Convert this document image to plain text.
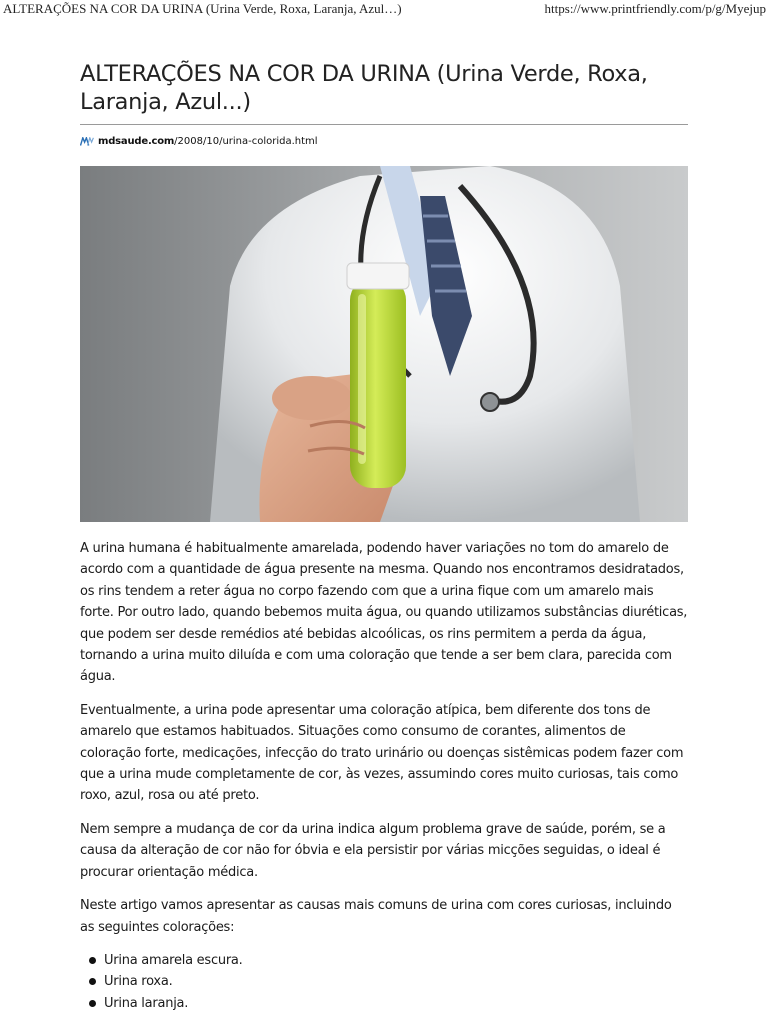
ALTERAÇÕES NA COR DA URINA (Urina Verde, Roxa, Laranja, Azul…)	https://www.printfriendly.com/p/g/Myejup
ALTERAÇÕES NA COR DA URINA (Urina Verde, Roxa, Laranja, Azul...)
mdsaude.com /2008/10/urina-colorida.html

A urina humana é habitualmente amarelada, podendo haver variações no tom do amarelo de acordo com a quantidade de água presente na mesma. Quando nos encontramos desidratados, os rins tendem a reter água no corpo fazendo com que a urina fique com um amarelo mais forte. Por outro lado, quando bebemos muita água, ou quando utilizamos substâncias diuréticas, que podem ser desde remédios até bebidas alcoólicas, os rins permitem a perda da água, tornando a urina muito diluída e com uma coloração que tende a ser bem clara, parecida com água.

Eventualmente, a urina pode apresentar uma coloração atípica, bem diferente dos tons de amarelo que estamos habituados. Situações como consumo de corantes, alimentos de coloração forte, medicações, infecção do trato urinário ou doenças sistêmicas podem fazer com que a urina mude completamente de cor, às vezes, assumindo cores muito curiosas, tais como roxo, azul, rosa ou até preto.

Nem sempre a mudança de cor da urina indica algum problema grave de saúde, porém, se a causa da alteração de cor não for óbvia e ela persistir por várias micções seguidas, o ideal é procurar orientação médica.

Neste artigo vamos apresentar as causas mais comuns de urina com cores curiosas, incluindo as seguintes colorações:

Urina amarela escura.
Urina roxa.
Urina laranja.
